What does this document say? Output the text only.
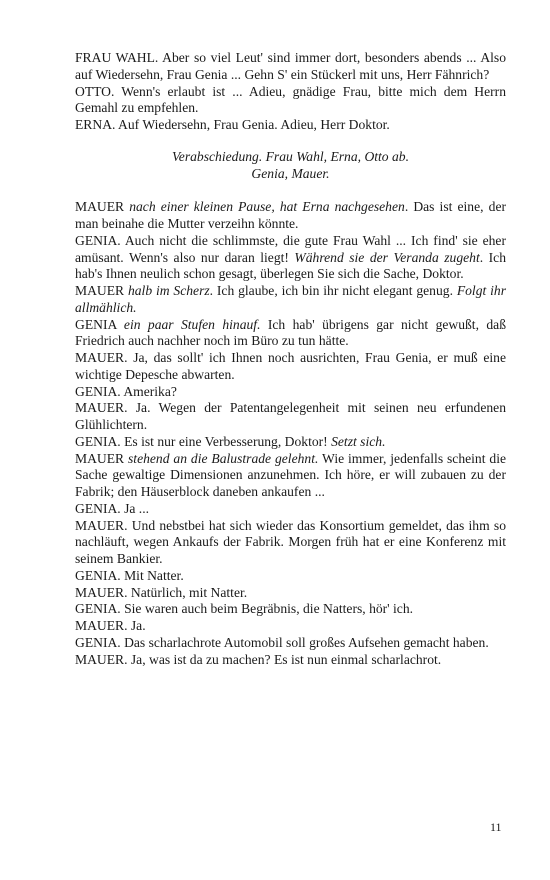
FRAU WAHL. Aber so viel Leut' sind immer dort, besonders abends ... Also auf Wiedersehn, Frau Genia ... Gehn S' ein Stückerl mit uns, Herr Fähnrich?

OTTO. Wenn's erlaubt ist ... Adieu, gnädige Frau, bitte mich dem Herrn Gemahl zu empfehlen.

ERNA. Auf Wiedersehn, Frau Genia. Adieu, Herr Doktor.

Verabschiedung. Frau Wahl, Erna, Otto ab.
Genia, Mauer.

MAUER nach einer kleinen Pause, hat Erna nachgesehen. Das ist eine, der man beinahe die Mutter verzeihn könnte.

GENIA. Auch nicht die schlimmste, die gute Frau Wahl ... Ich find' sie eher amüsant. Wenn's also nur daran liegt! Während sie der Veranda zugeht. Ich hab's Ihnen neulich schon gesagt, überlegen Sie sich die Sache, Doktor.

MAUER halb im Scherz. Ich glaube, ich bin ihr nicht elegant genug. Folgt ihr allmählich.

GENIA ein paar Stufen hinauf. Ich hab' übrigens gar nicht gewußt, daß Friedrich auch nachher noch im Büro zu tun hätte.

MAUER. Ja, das sollt' ich Ihnen noch ausrichten, Frau Genia, er muß eine wichtige Depesche abwarten.

GENIA. Amerika?

MAUER. Ja. Wegen der Patentangelegenheit mit seinen neu erfundenen Glühlichtern.

GENIA. Es ist nur eine Verbesserung, Doktor! Setzt sich.

MAUER stehend an die Balustrade gelehnt. Wie immer, jedenfalls scheint die Sache gewaltige Dimensionen anzunehmen. Ich höre, er will zubauen zu der Fabrik; den Häuserblock daneben ankaufen ...

GENIA. Ja ...

MAUER. Und nebstbei hat sich wieder das Konsortium gemeldet, das ihm so nachläuft, wegen Ankaufs der Fabrik. Morgen früh hat er eine Konferenz mit seinem Bankier.

GENIA. Mit Natter.

MAUER. Natürlich, mit Natter.

GENIA. Sie waren auch beim Begräbnis, die Natters, hör' ich.

MAUER. Ja.

GENIA. Das scharlachrote Automobil soll großes Aufsehen gemacht haben.

MAUER. Ja, was ist da zu machen? Es ist nun einmal scharlachrot.

11
